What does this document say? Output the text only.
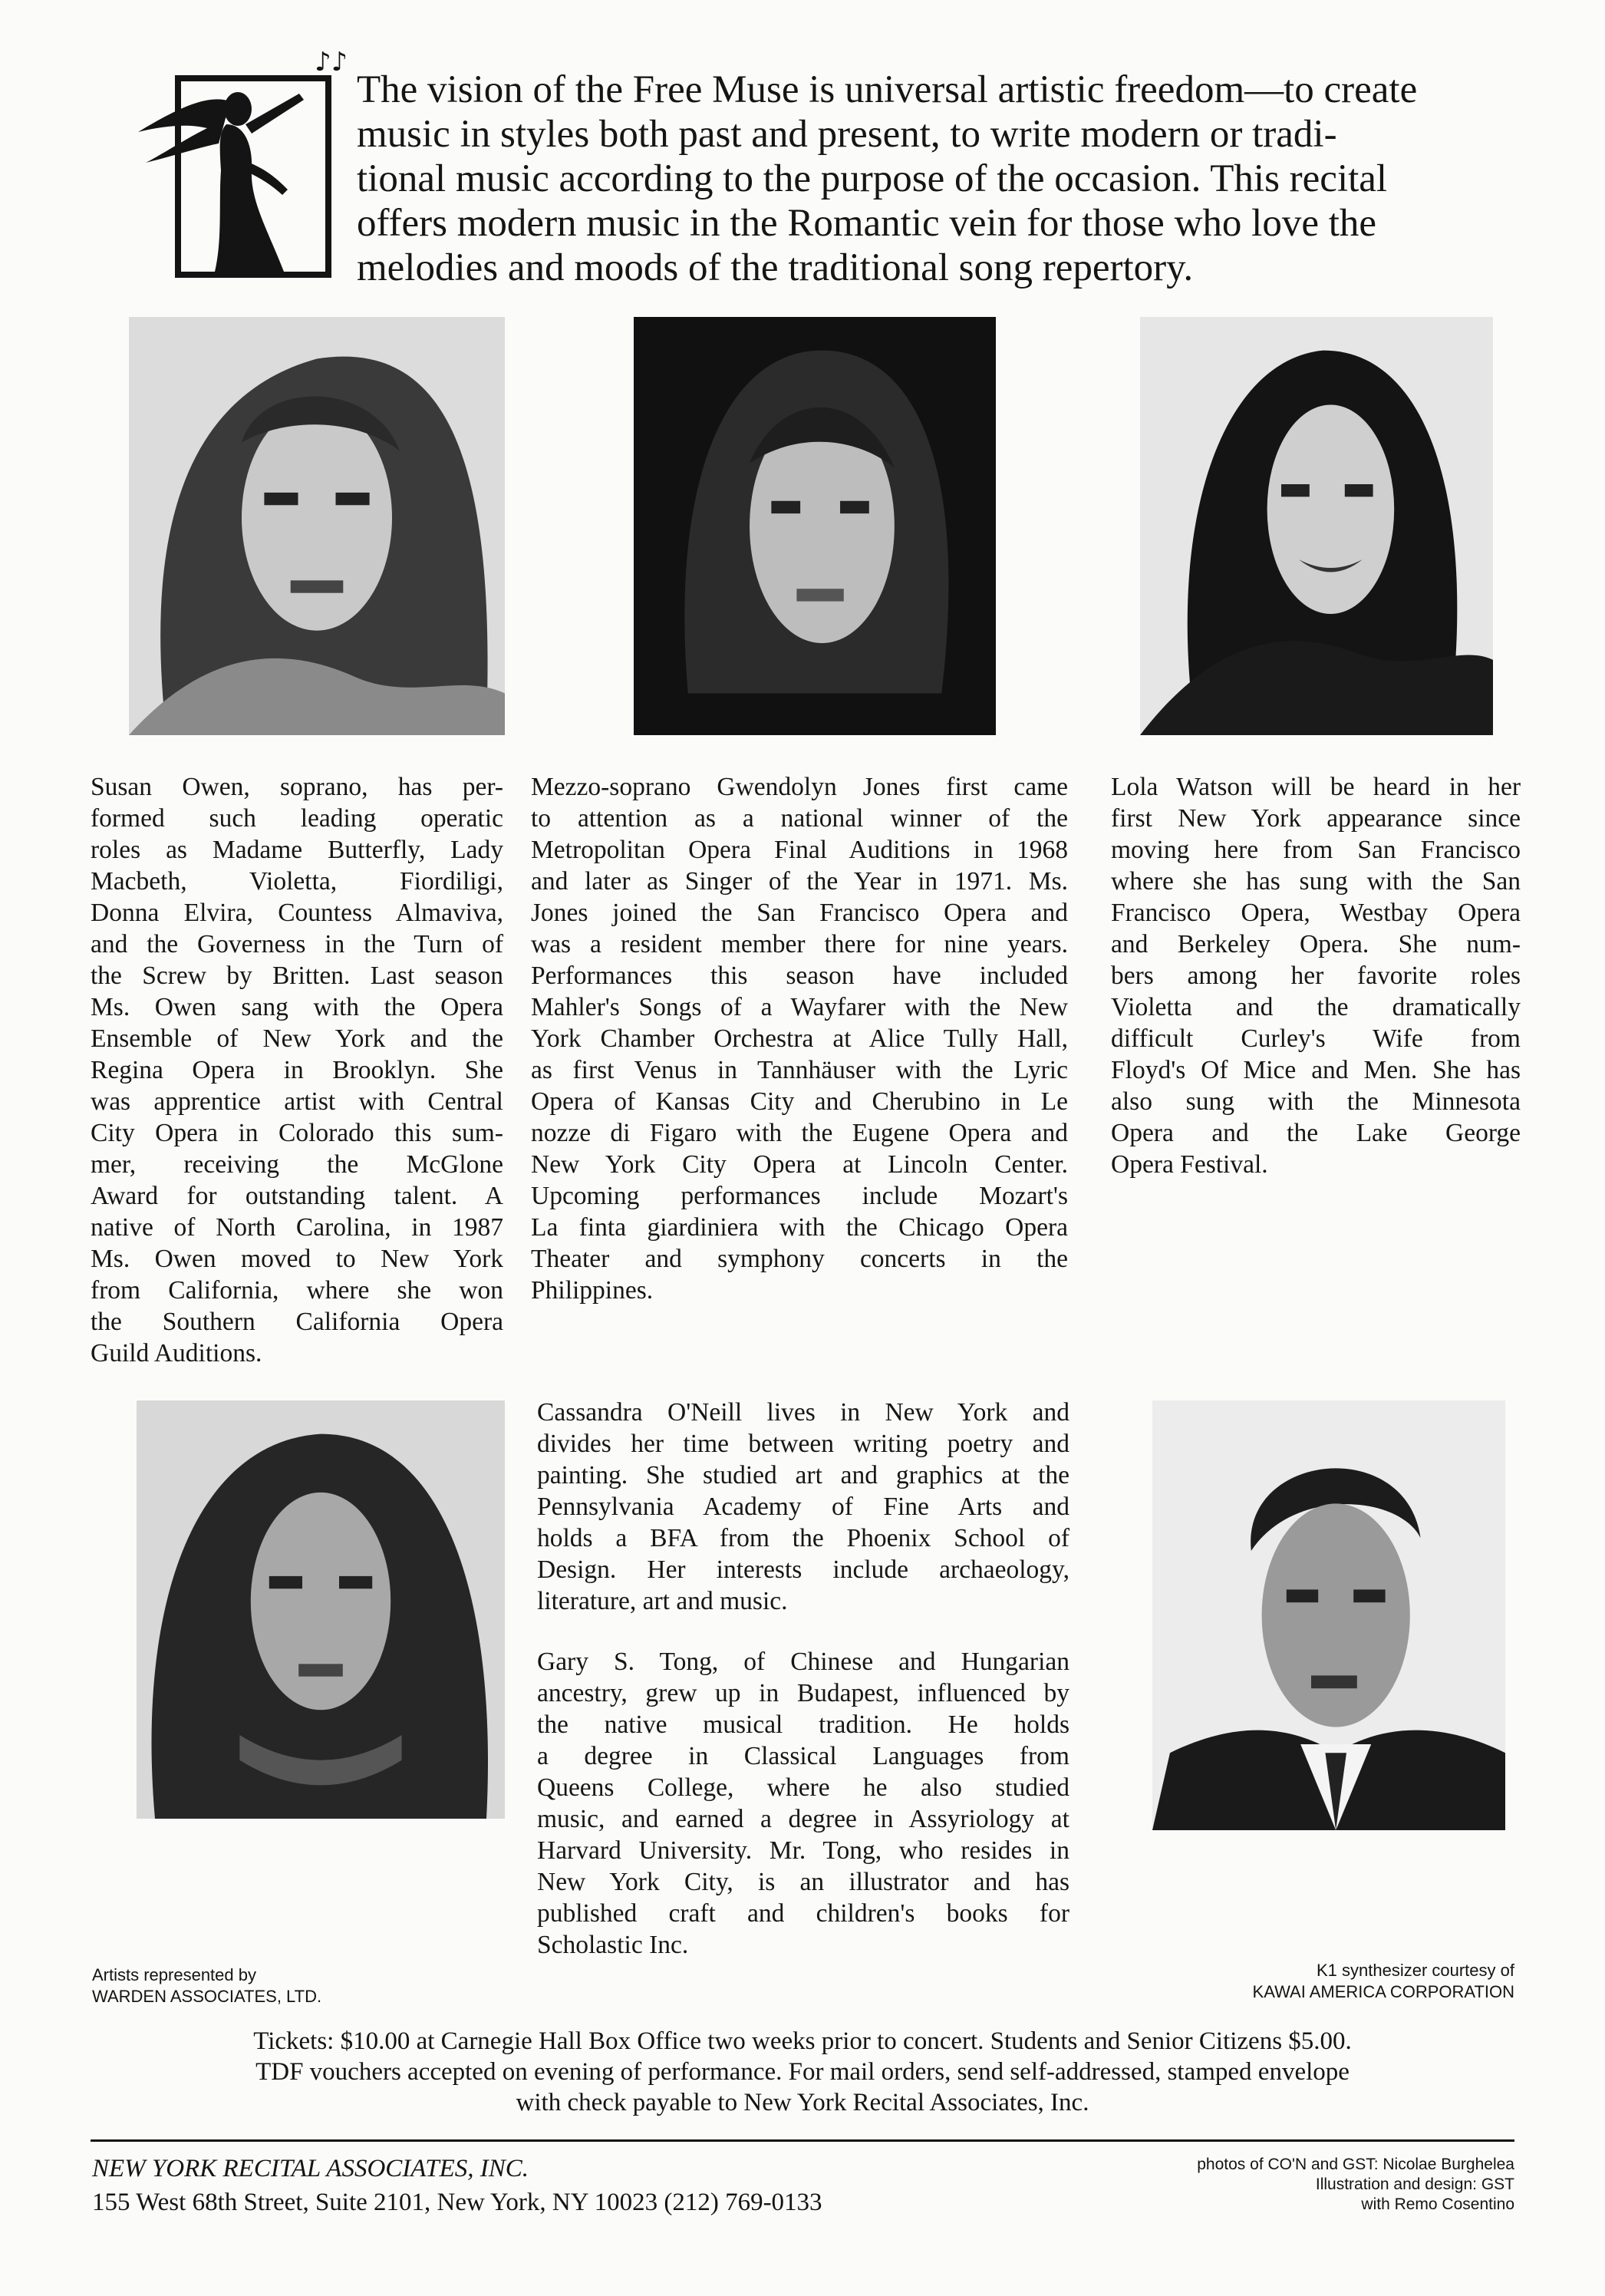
♪♪
The vision of the Free Muse is universal artistic freedom—to create
music in styles both past and present, to write modern or tradi-
tional music according to the purpose of the occasion. This recital
offers modern music in the Romantic vein for those who love the
melodies and moods of the traditional song repertory.
Susan Owen, soprano, has per-
formed such leading operatic
roles as Madame Butterfly, Lady
Macbeth, Violetta, Fiordiligi,
Donna Elvira, Countess Almaviva,
and the Governess in the Turn of
the Screw by Britten. Last season
Ms. Owen sang with the Opera
Ensemble of New York and the
Regina Opera in Brooklyn. She
was apprentice artist with Central
City Opera in Colorado this sum-
mer, receiving the McGlone
Award for outstanding talent. A
native of North Carolina, in 1987
Ms. Owen moved to New York
from California, where she won
the Southern California Opera
Guild Auditions.
Mezzo-soprano Gwendolyn Jones first came
to attention as a national winner of the
Metropolitan Opera Final Auditions in 1968
and later as Singer of the Year in 1971. Ms.
Jones joined the San Francisco Opera and
was a resident member there for nine years.
Performances this season have included
Mahler's Songs of a Wayfarer with the New
York Chamber Orchestra at Alice Tully Hall,
as first Venus in Tannhäuser with the Lyric
Opera of Kansas City and Cherubino in Le
nozze di Figaro with the Eugene Opera and
New York City Opera at Lincoln Center.
Upcoming performances include Mozart's
La finta giardiniera with the Chicago Opera
Theater and symphony concerts in the
Philippines.
Lola Watson will be heard in her
first New York appearance since
moving here from San Francisco
where she has sung with the San
Francisco Opera, Westbay Opera
and Berkeley Opera. She num-
bers among her favorite roles
Violetta and the dramatically
difficult Curley's Wife from
Floyd's Of Mice and Men. She has
also sung with the Minnesota
Opera and the Lake George
Opera Festival.
Cassandra O'Neill lives in New York and
divides her time between writing poetry and
painting. She studied art and graphics at the
Pennsylvania Academy of Fine Arts and
holds a BFA from the Phoenix School of
Design. Her interests include archaeology,
literature, art and music.
Gary S. Tong, of Chinese and Hungarian
ancestry, grew up in Budapest, influenced by
the native musical tradition. He holds
a degree in Classical Languages from
Queens College, where he also studied
music, and earned a degree in Assyriology at
Harvard University. Mr. Tong, who resides in
New York City, is an illustrator and has
published craft and children's books for
Scholastic Inc.
Artists represented by
WARDEN ASSOCIATES, LTD.
K1 synthesizer courtesy of
KAWAI AMERICA CORPORATION
Tickets: $10.00 at Carnegie Hall Box Office two weeks prior to concert. Students and Senior Citizens $5.00.
TDF vouchers accepted on evening of performance. For mail orders, send self-addressed, stamped envelope
with check payable to New York Recital Associates, Inc.
NEW YORK RECITAL ASSOCIATES, INC.
155 West 68th Street, Suite 2101, New York, NY 10023 (212) 769-0133
photos of CO'N and GST: Nicolae Burghelea
Illustration and design: GST
with Remo Cosentino
